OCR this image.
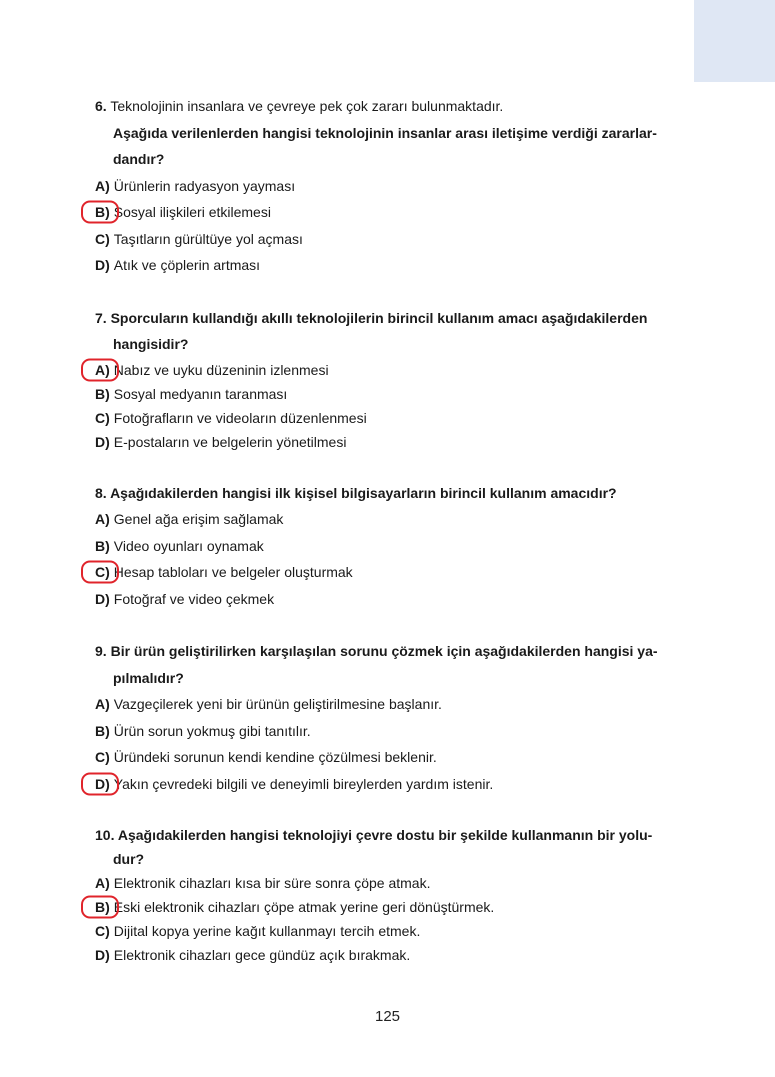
6. Teknolojinin insanlara ve çevreye pek çok zararı bulunmaktadır.
Aşağıda verilenlerden hangisi teknolojinin insanlar arası iletişime verdiği zararlar-
dandır?
A) Ürünlerin radyasyon yayması
B) Sosyal ilişkileri etkilemesi
C) Taşıtların gürültüye yol açması
D) Atık ve çöplerin artması
7. Sporcuların kullandığı akıllı teknolojilerin birincil kullanım amacı aşağıdakilerden
hangisidir?
A) Nabız ve uyku düzeninin izlenmesi
B) Sosyal medyanın taranması
C) Fotoğrafların ve videoların düzenlenmesi
D) E-postaların ve belgelerin yönetilmesi
8. Aşağıdakilerden hangisi ilk kişisel bilgisayarların birincil kullanım amacıdır?
A) Genel ağa erişim sağlamak
B) Video oyunları oynamak
C) Hesap tabloları ve belgeler oluşturmak
D) Fotoğraf ve video çekmek
9. Bir ürün geliştirilirken karşılaşılan sorunu çözmek için aşağıdakilerden hangisi ya-
pılmalıdır?
A) Vazgeçilerek yeni bir ürünün geliştirilmesine başlanır.
B) Ürün sorun yokmuş gibi tanıtılır.
C) Üründeki sorunun kendi kendine çözülmesi beklenir.
D) Yakın çevredeki bilgili ve deneyimli bireylerden yardım istenir.
10. Aşağıdakilerden hangisi teknolojiyi çevre dostu bir şekilde kullanmanın bir yolu-
dur?
A) Elektronik cihazları kısa bir süre sonra çöpe atmak.
B) Eski elektronik cihazları çöpe atmak yerine geri dönüştürmek.
C) Dijital kopya yerine kağıt kullanmayı tercih etmek.
D) Elektronik cihazları gece gündüz açık bırakmak.
125
